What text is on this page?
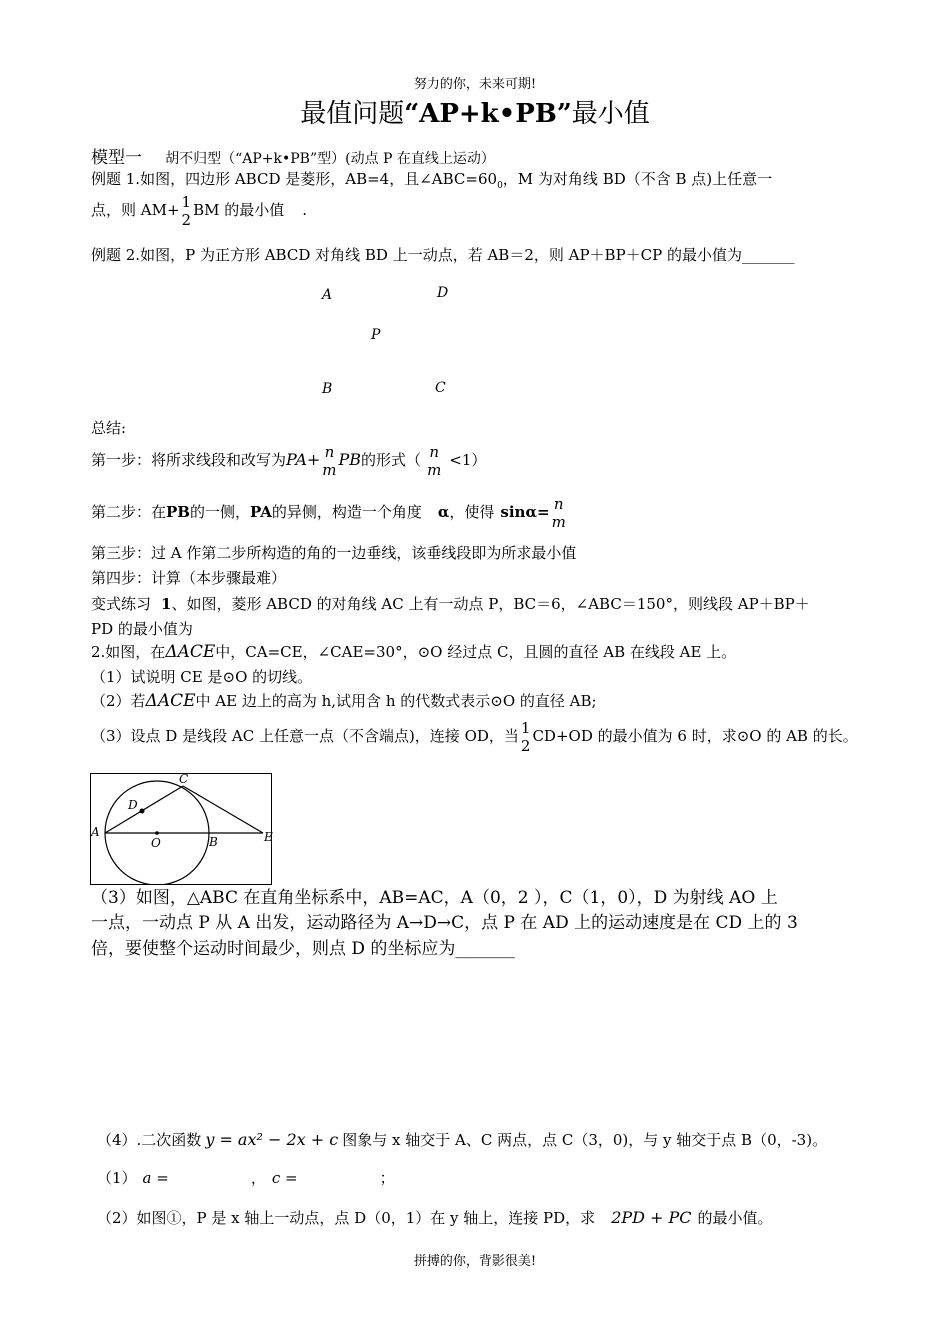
努力的你，未来可期!
最值问题“AP+k•PB”最小值
模型一 胡不归型（“AP+k•PB”型）(动点 P 在直线上运动）
例题 1.如图，四边形 ABCD 是菱形，AB=4，且$\angle ABC=60_0$，M 为对角线 BD（不含 B 点)上任意一
点，则 AM+ 1
2
BM 的最小值 .
例题 2.如图，P 为正方形 ABCD 对角线 BD 上一动点，若 AB＝2，则 AP＋BP＋CP 的最小值为_______
A	D
P
B	C
总结:
第一步：将所求线段和改写为PA+ n
m
PB的形式（ n
m
<1）
第二步：在PB的一侧，PA的异侧，构造一个角度 α，使得 sinα= n
m
第三步：过 A 作第二步所构造的角的一边垂线，该垂线段即为所求最小值
第四步：计算（本步骤最难）
变式练习 1、如图，菱形 ABCD 的对角线 AC 上有一动点 P，BC＝6，∠ABC＝150°，则线段 AP＋BP＋
PD 的最小值为
2.如图，在ΔACE中，CA=CE，∠CAE=30°，⊙O 经过点 C，且圆的直径 AB 在线段 AE 上。
（1）试说明 CE 是⊙O 的切线。
（2）若ΔACE中 AE 边上的高为 h,试用含 h 的代数式表示⊙O 的直径 AB;
（3）设点 D 是线段 AC 上任意一点（不含端点)，连接 OD，当 1
2
CD+OD 的最小值为 6 时，求⊙O 的 AB 的长。
A
D
C
O	B	E
（3）如图，△ABC 在直角坐标系中，AB=AC，A（0，2 ），C（1，0），D 为射线 AO 上
一点，一动点 P 从 A 出发，运动路径为 A→D→C，点 P 在 AD 上的运动速度是在 CD 上的 3
倍，要使整个运动时间最少，则点 D 的坐标应为_______
（4）.二次函数 y = ax² − 2x + c 图象与 x 轴交于 A、C 两点，点 C（3，0)，与 y 轴交于点 B（0，-3)。
（1） a =	， c =	；
（2）如图①，P 是 x 轴上一动点，点 D（0，1）在 y 轴上，连接 PD，求 2PD + PC 的最小值。
拼搏的你，背影很美!
